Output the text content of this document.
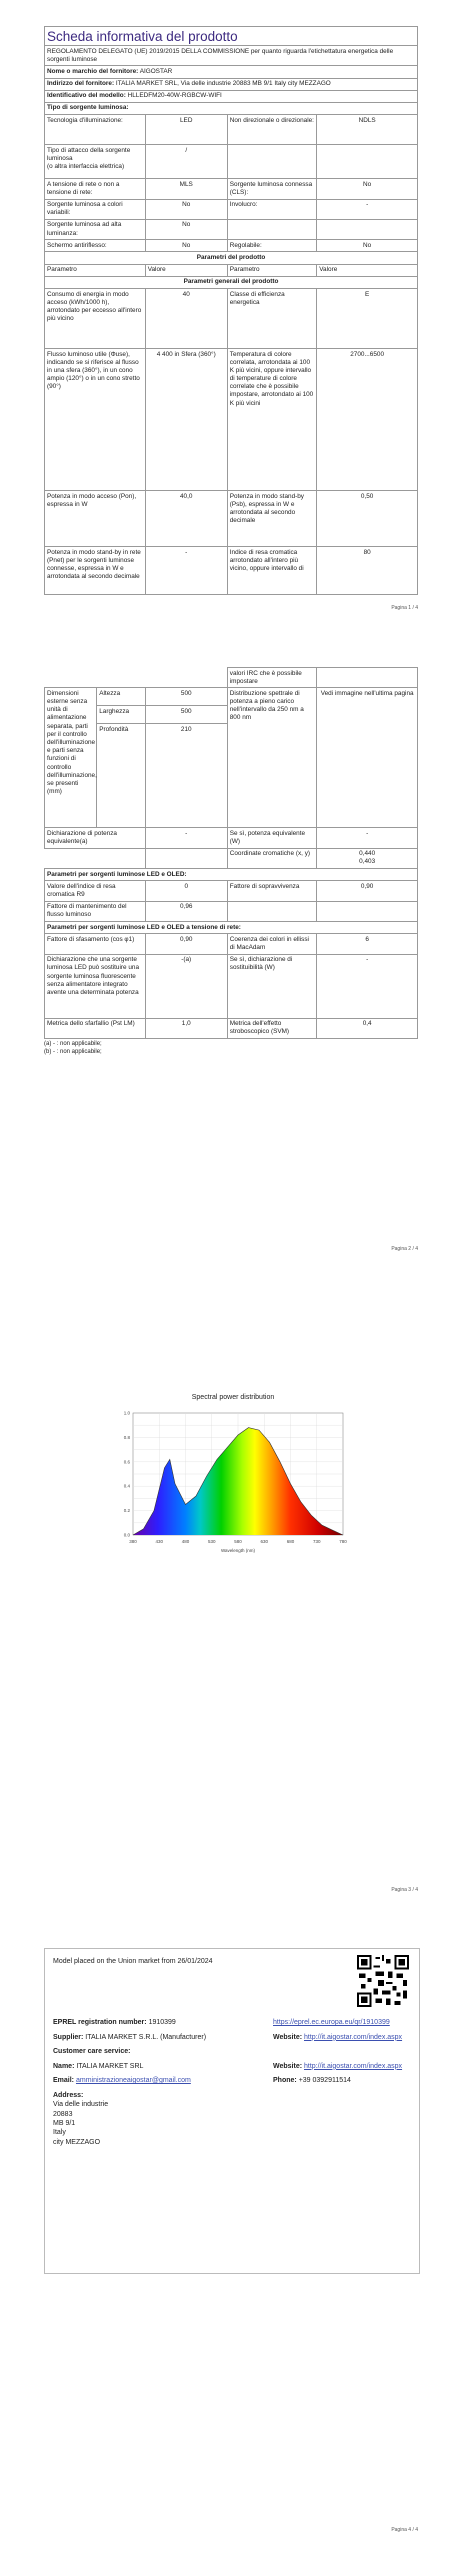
Scheda informativa del prodotto
REGOLAMENTO DELEGATO (UE) 2019/2015 DELLA COMMISSIONE per quanto riguarda l'etichettatura energetica delle sorgenti luminose			
Nome o marchio del fornitore: AIGOSTAR			
Indirizzo del fornitore: ITALIA MARKET SRL, Via delle industrie 20883 MB 9/1 Italy city MEZZAGO			
Identificativo del modello: HLLEDFM20-40W-RGBCW-WIFI			
Tipo di sorgente luminosa:			
Tecnologia d'illuminazione:	LED	Non direzionale o direzionale:	NDLS
Tipo di attacco della sorgente luminosa
(o altra interfaccia elettrica)	/		
A tensione di rete o non a tensione di rete:	MLS	Sorgente luminosa connessa (CLS):	No
Sorgente luminosa a colori variabili:	No	Involucro:	-
Sorgente luminosa ad alta luminanza:	No		
Schermo antiriflesso:	No	Regolabile:	No
Parametri del prodotto			
Parametro	Valore	Parametro	Valore
Parametri generali del prodotto			
Consumo di energia in modo acceso (kWh/1000 h), arrotondato per eccesso all'intero più vicino	40	Classe di efficienza energetica	E
Flusso luminoso utile (Φuse), indicando se si riferisce al flusso in una sfera (360°), in un cono ampio (120°) o in un cono stretto (90°)	4 400 in Sfera (360°)	Temperatura di colore correlata, arrotondata ai 100 K più vicini, oppure intervallo di temperature di colore correlate che è possibile impostare, arrotondato ai 100 K più vicini	2700...6500
Potenza in modo acceso (Pon), espressa in W	40,0	Potenza in modo stand-by (Psb), espressa in W e arrotondata al secondo decimale	0,50
Potenza in modo stand-by in rete (Pnet) per le sorgenti luminose connesse, espressa in W e arrotondata al secondo decimale	-	Indice di resa cromatica arrotondato all'intero più vicino, oppure intervallo di	80
Pagina 1 / 4
			valori IRC che è possibile impostare	
Dimensioni esterne senza unità di alimentazione separata, parti per il controllo dell'illuminazione e parti senza funzioni di controllo dell'illuminazione, se presenti (mm)	Altezza	500	Distribuzione spettrale di potenza a pieno carico nell'intervallo da 250 nm a 800 nm	Vedi immagine nell'ultima pagina
	Larghezza	500		
	Profondità	210		
Dichiarazione di potenza equivalente(a)		-	Se sì, potenza equivalente (W)	-
			Coordinate cromatiche (x, y)	0,440
0,403
Parametri per sorgenti luminose LED e OLED:				
Valore dell'indice di resa cromatica R9		0	Fattore di sopravvivenza	0,90
Fattore di mantenimento del flusso luminoso		0,96		
Parametri per sorgenti luminose LED e OLED a tensione di rete:				
Fattore di sfasamento (cos φ1)		0,90	Coerenza dei colori in ellissi di MacAdam	6
Dichiarazione che una sorgente luminosa LED può sostituire una sorgente luminosa fluorescente senza alimentatore integrato avente una determinata potenza		-(a)	Se sì, dichiarazione di sostituibilità (W)	-
Metrica dello sfarfallio (Pst LM)		1,0	Metrica dell'effetto stroboscopico (SVM)	0,4
(a) - : non applicabile;
(b) - : non applicabile;
Pagina 2 / 4
Spectral power distribution
380	430	480	530	580	630	680	730	780
0.0
0.2
0.4
0.6
0.8
1.0
Wavelength (nm)
Pagina 3 / 4
Model placed on the Union market from 26/01/2024
EPREL registration number: 1910399	https://eprel.ec.europa.eu/qr/1910399
Supplier: ITALIA MARKET S.R.L. (Manufacturer)	Website: http://it.aigostar.com/index.aspx
Customer care service:
Name: ITALIA MARKET SRL	Website: http://it.aigostar.com/index.aspx
Email: amministrazioneaigostar@gmail.com	Phone: +39 0392911514
Address:
Via delle industrie
20883
MB 9/1
Italy
city MEZZAGO
Pagina 4 / 4
